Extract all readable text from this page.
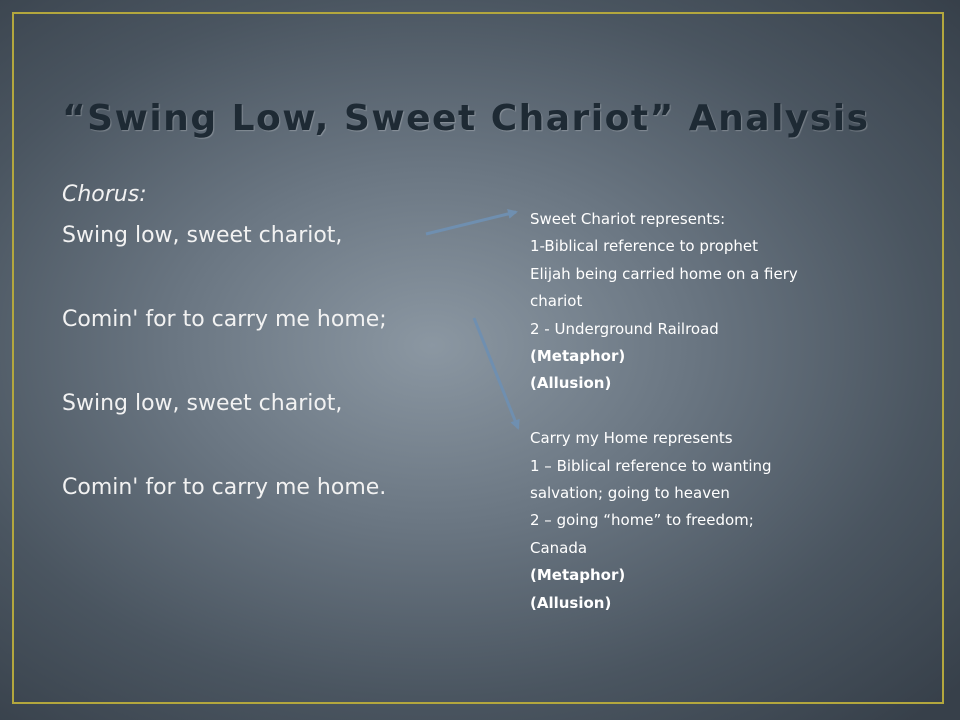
“Swing Low, Sweet Chariot” Analysis
Chorus:
Swing low, sweet chariot,
Comin' for to carry me home;
Swing low, sweet chariot,
Comin' for to carry me home.
Sweet Chariot represents:
1-Biblical reference to prophet
Elijah being carried home on a fiery
chariot
2 - Underground Railroad
(Metaphor)
(Allusion)
Carry my Home represents
1 – Biblical reference to wanting
salvation; going to heaven
2 – going “home” to freedom;
Canada
(Metaphor)
(Allusion)
